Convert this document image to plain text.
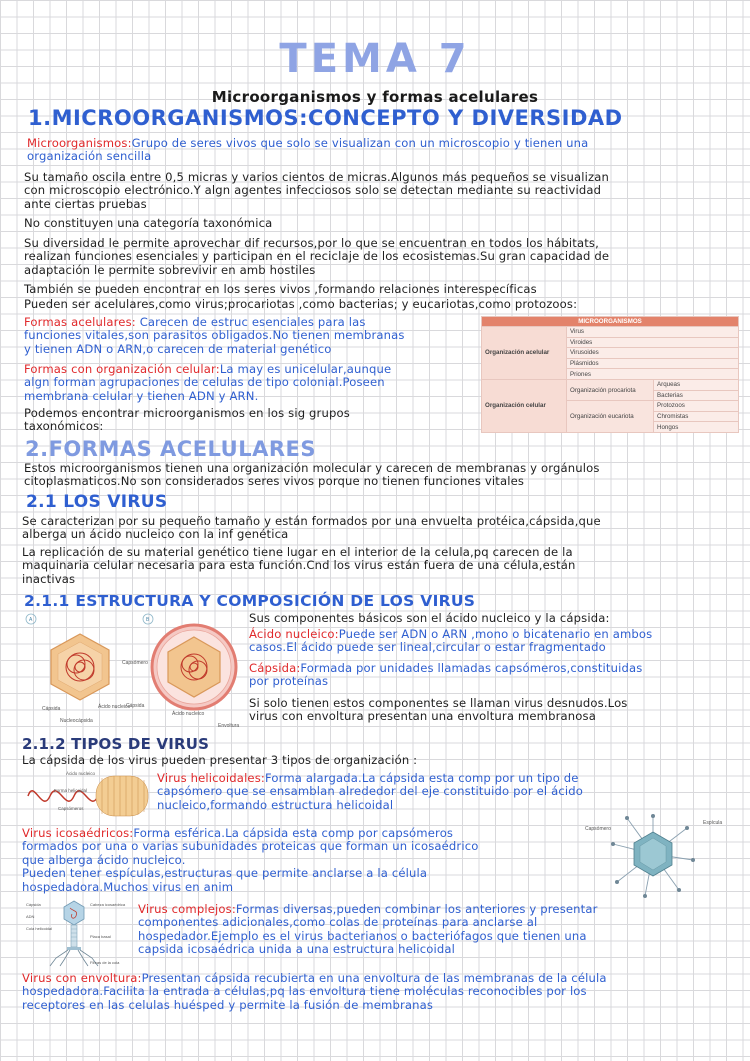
TEMA 7
Microorganismos y formas acelulares
1.MICROORGANISMOS:CONCEPTO Y DIVERSIDAD
Microorganismos:Grupo de seres vivos que solo se visualizan con un microscopio y tienen una
organización sencilla
Su tamaño oscila entre 0,5 micras y varios cientos de micras.Algunos más pequeños se visualizan
con microscopio electrónico.Y algn agentes infecciosos solo se detectan mediante su reactividad
ante ciertas pruebas
No constituyen una categoría taxonómica
Su diversidad le permite aprovechar dif recursos,por lo que se encuentran en todos los hábitats,
realizan funciones esenciales y participan en el reciclaje de los ecosistemas.Su gran capacidad de
adaptación le permite sobrevivir en amb hostiles
También se pueden encontrar en los seres vivos ,formando relaciones interespecíficas
Pueden ser acelulares,como virus;procariotas ,como bacterias; y eucariotas,como protozoos:
Formas acelulares: Carecen de estruc esenciales para las
funciones vitales,son parasitos obligados.No tienen membranas
y tienen ADN o ARN,o carecen de material genético
Formas con organización celular:La may es unicelular,aunque
algn forman agrupaciones de celulas de tipo colonial.Poseen
membrana celular y tienen ADN y ARN.
Podemos encontrar microorganismos en los sig grupos
taxonómicos:
MICROORGANISMOS		
Organización acelular	Virus	
	Viroides	
	Virusoides	
	Plásmidos	
	Priones	
Organización celular	Organización procariota	Arqueas
		Bacterias
	Organización eucariota	Protozoos
		Chromistas
		Hongos
2.FORMAS ACELULARES
Estos microorganismos tienen una organización molecular y carecen de membranas y orgánulos
citoplasmaticos.No son considerados seres vivos porque no tienen funciones vitales
2.1 LOS VIRUS
Se caracterizan por su pequeño tamaño y están formados por una envuelta protéica,cápsida,que
alberga un ácido nucleico con la inf genética
La replicación de su material genético tiene lugar en el interior de la celula,pq carecen de la
maquinaria celular necesaria para esta función.Cnd los virus están fuera de una célula,están
inactivas
2.1.1 ESTRUCTURA Y COMPOSICIÓN DE LOS VIRUS
A
Cápsida	Ácido nucleico
Nucleocápsida
B
Capsómero
Cápsida
Ácido nucleico
Envoltura
Sus componentes básicos son el ácido nucleico y la cápsida:
Ácido nucleico:Puede ser ADN o ARN ,mono o bicatenario en ambos
casos.El ácido puede ser lineal,circular o estar fragmentado
Cápsida:Formada por unidades llamadas capsómeros,constituidas
por proteínas
Si solo tienen estos componentes se llaman virus desnudos.Los
virus con envoltura presentan una envoltura membranosa
2.1.2 TIPOS DE VIRUS
La cápsida de los virus pueden presentar 3 tipos de organización :
Ácido nucleico
Forma helicoidal
Capsómeros
Virus helicoidales:Forma alargada.La cápsida esta comp por un tipo de
capsómero que se ensamblan alrededor del eje constituido por el ácido
nucleico,formando estructura helicoidal
Capsómero
Espícula
Virus icosaédricos:Forma esférica.La cápsida esta comp por capsómeros
formados por una o varias subunidades proteicas que forman un icosaédrico
que alberga ácido nucleico.
Pueden tener espículas,estructuras que permite anclarse a la célula
hospedadora.Muchos virus en anim
Cápsida
ADN
Cola helicoidal
Cabeza icosaédrica
Placa basal
Fibras de la cola
Virus complejos:Formas diversas,pueden combinar los anteriores y presentar
componentes adicionales,como colas de proteínas para anclarse al
hospedador.Ejemplo es el virus bacterianos o bacteriófagos que tienen una
capsida icosaédrica unida a una estructura helicoidal
Virus con envoltura:Presentan cápsida recubierta en una envoltura de las membranas de la célula
hospedadora.Facilita la entrada a células,pq las envoltura tiene moléculas reconocibles por los
receptores en las celulas huésped y permite la fusión de membranas
